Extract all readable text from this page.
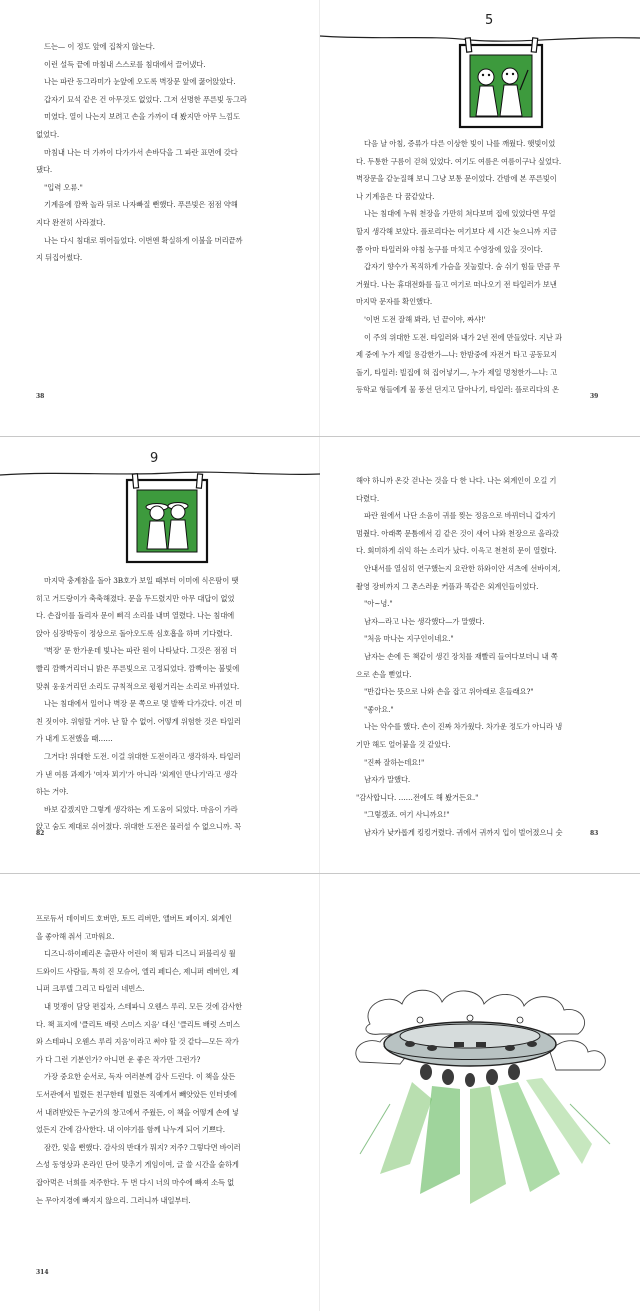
드는— 이 정도 앞에 집착지 않는다.

이런 설득 끝에 마침내 스스로를 침대에서 끌어냈다.

나는 파란 동그라미가 눈앞에 오도록 벽장문 앞에 꿇어앉았다.

갑자기 묘석 같은 건 아무것도 없었다. 그저 선명한 푸른빛 동그라

미였다. 열이 나는지 보려고 손을 가까이 대 봤지만 아무 느낌도

없었다.

마침내 나는 더 가까이 다가가서 손바닥을 그 파란 표면에 갖다

댔다.

"입력 오류."

기계음에 깜짝 놀라 뒤로 나자빠질 뻔했다. 푸른빛은 점점 약해

지다 완전히 사라졌다.

나는 다시 침대로 뛰어들었다. 이번엔 확실하게 이불을 머리끝까

지 뒤집어썼다.

38
5

다음 날 아침, 증류가 다른 이상한 빛이 나를 깨웠다. 햇빛이었

다. 두통한 구름이 걷혀 있었다. 여기도 여름은 여름이구나 싶었다.

벽장문을 같눈질해 보니 그냥 보통 문이었다. 간밤에 본 푸른빛이

나 기계음은 다 꿈같았다.

나는 침대에 누워 천장을 가만히 쳐다보며 집에 있었다면 무얼

할지 생각해 보았다. 플로리다는 여기보다 세 시간 늦으니까 지금

쯤 아마 타일러와 야침 농구를 마치고 수영장에 있을 것이다.

갑자기 향수가 목직하게 가슴을 짓눌렀다. 숨 쉬기 힘들 만큼 무

거웠다. 나는 휴대전화를 들고 여기로 떠나오기 전 타일러가 보낸

마지막 문자를 확인했다.

'이번 도전 잘해 봐라, 넌 끝이야, 짜샤!'

이 주의 위대한 도전. 타일러와 내가 2년 전에 만들었다. 지난 과

제 중에 누가 제일 용감한가—나: 한밤중에 자전거 타고 공동묘지

돌기, 타일러: 빌집에 혀 집어넣기—, 누가 제일 멍청한가—나: 고

등학교 형들에게 물 풍선 던지고 달아나기, 타일러: 플로리다의 온

39
9

마지막 충계참을 돌아 3B호가 보일 때부터 이미에 식은땀이 땟

히고 거드랑이가 축축해졌다. 문을 두드렸지만 아무 대답이 없었

다. 손잡이를 돌리자 문이 삐걱 소리를 내며 열렸다. 나는 침대에

앉아 심장박동이 정상으로 돌아오도록 심호흡을 하며 기다렸다.

'벽장' 문 한가운데 빛나는 파란 원이 나타났다. 그것은 점점 더

빨리 깜빡거리더니 밝은 푸른빛으로 고정되었다. 깜빡이는 불빛에

맞춰 웅웅거리던 소리도 규칙적으로 윙윙거리는 소리로 바뀌었다.

나는 침대에서 일어나 벽장 문 쪽으로 몇 발짝 다가갔다. 이건 미

친 짓이야. 위험할 거야. 난 할 수 없어. 어떻게 위험한 것은 타일러

가 내게 도전했을 때……

그거다! 위대한 도전. 이걸 위대한 도전이라고 생각하자. 타일러

가 낸 여름 과제가 '여자 꾀기'가 아니라 '외계인 만나기'라고 생각

하는 거야.

바보 같겠지만 그렇게 생각하는 게 도움이 되었다. 마음이 가라

앉고 숨도 제대로 쉬어졌다. 위대한 도전은 물러설 수 없으니까. 꼭

82

해야 하니까 온갖 걷나는 것을 다 한 나다. 나는 외계인이 오길 기

다렸다.

파란 원에서 나단 소음이 귀를 찢는 정음으로 바뀌더니 갑자기

멈췄다. 아래쪽 문틈에서 김 같은 것이 새어 나와 천장으로 올라갔

다. 회미하게 쉬익 하는 소리가 났다. 이윽고 천천히 문이 열렸다.

안내서를 열심히 연구했는지 요란한 하와이안 셔츠에 선바이저,

촬영 장비까지 그 촌스러운 커플과 똑같은 외계인들이었다.

"아~녕."

남자—라고 나는 생각했다—가 말했다.

"처음 마나는 지구인이네요."

남자는 손에 든 책같이 생긴 장치를 재빨리 들여다보더니 내 쪽

으로 손을 뻗었다.

"반갑다는 뜻으로 나와 손을 잡고 위아래로 흔들래요?"

"좋아요."

나는 악수를 했다. 손이 진짜 차가웠다. 차가운 정도가 아니라 냉

기만 해도 얼어붙을 것 같았다.

"진짜 잘하는데요!"

남자가 말했다.

"감사합니다. ……전에도 해 봤거든요."

"그렇겠죠. 여기 사니까요!"

남자가 낮카롭게 킹킹거렸다. 귀에서 귀까지 입이 벌어졌으니 숫	83

프로듀서 데이비드 호버만, 토드 리버만, 앨버트 페이지. 외계인

을 좋아해 줘서 고마워요.

디즈니-하이페리온 출판사 어린이 책 팀과 디즈니 퍼블리싱 월

드와이드 사람들, 특히 진 모슈어, 엘리 페디슨, 제니퍼 레버인, 제

니퍼 크루텔 그리고 타일러 네빈스.

내 멋쟁이 담당 편집자, 스테파니 오웬스 루리. 모든 것에 감사한

다. 책 표지에 '클리트 배럿 스미스 지음' 대신 '클리트 배럿 스미스

와 스테파니 오웬스 루리 지음'이라고 써야 할 것 같다—모든 작가

가 다 그런 기분인가? 아니면 운 좋은 작가만 그런가?

가장 중요한 순서로, 독자 여러분께 감사 드린다. 이 책을 샀든

도서관에서 빌렸든 친구한테 빌렸든 직예게서 빼앗았든 인터넷에

서 내려받았든 누군가의 창고에서 주웠든, 이 책을 어떻게 손에 넣

었든지 간에 감사한다. 내 이야기를 함께 나누게 되어 기쁘다.

잠깐, 잊을 뻔했다. 감사의 반대가 뭐지? 저주? 그렇다면 바이러

스성 동영상과 온라인 단어 맞추기 게임이여, 글 쓸 시간을 숱하게

잡아먹은 너희를 저주한다. 두 번 다시 너의 마수에 빠져 소득 없

는 무아지경에 빠지지 않으리. 그러니까 내일부터.

314
